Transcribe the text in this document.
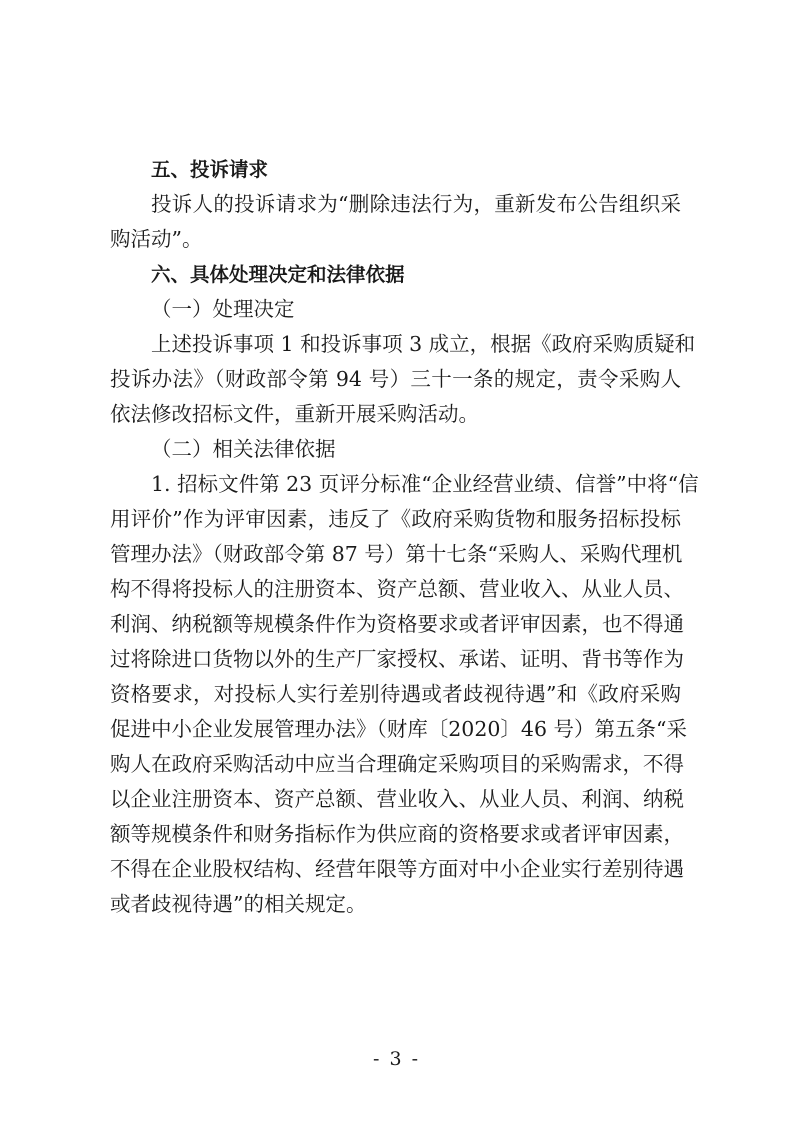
五、投诉请求
投诉人的投诉请求为“删除违法行为，重新发布公告组织采
购活动”。
六、具体处理决定和法律依据
（一）处理决定
上述投诉事项 1 和投诉事项 3 成立，根据《政府采购质疑和
投诉办法》（财政部令第 94 号）三十一条的规定，责令采购人
依法修改招标文件，重新开展采购活动。
（二）相关法律依据
1. 招标文件第 23 页评分标准“企业经营业绩、信誉”中将“信
用评价”作为评审因素，违反了《政府采购货物和服务招标投标
管理办法》（财政部令第 87 号）第十七条“采购人、采购代理机
构不得将投标人的注册资本、资产总额、营业收入、从业人员、
利润、纳税额等规模条件作为资格要求或者评审因素，也不得通
过将除进口货物以外的生产厂家授权、承诺、证明、背书等作为
资格要求，对投标人实行差别待遇或者歧视待遇”和《政府采购
促进中小企业发展管理办法》（财库〔2020〕46 号）第五条“采
购人在政府采购活动中应当合理确定采购项目的采购需求，不得
以企业注册资本、资产总额、营业收入、从业人员、利润、纳税
额等规模条件和财务指标作为供应商的资格要求或者评审因素，
不得在企业股权结构、经营年限等方面对中小企业实行差别待遇
或者歧视待遇”的相关规定。
- 3 -
